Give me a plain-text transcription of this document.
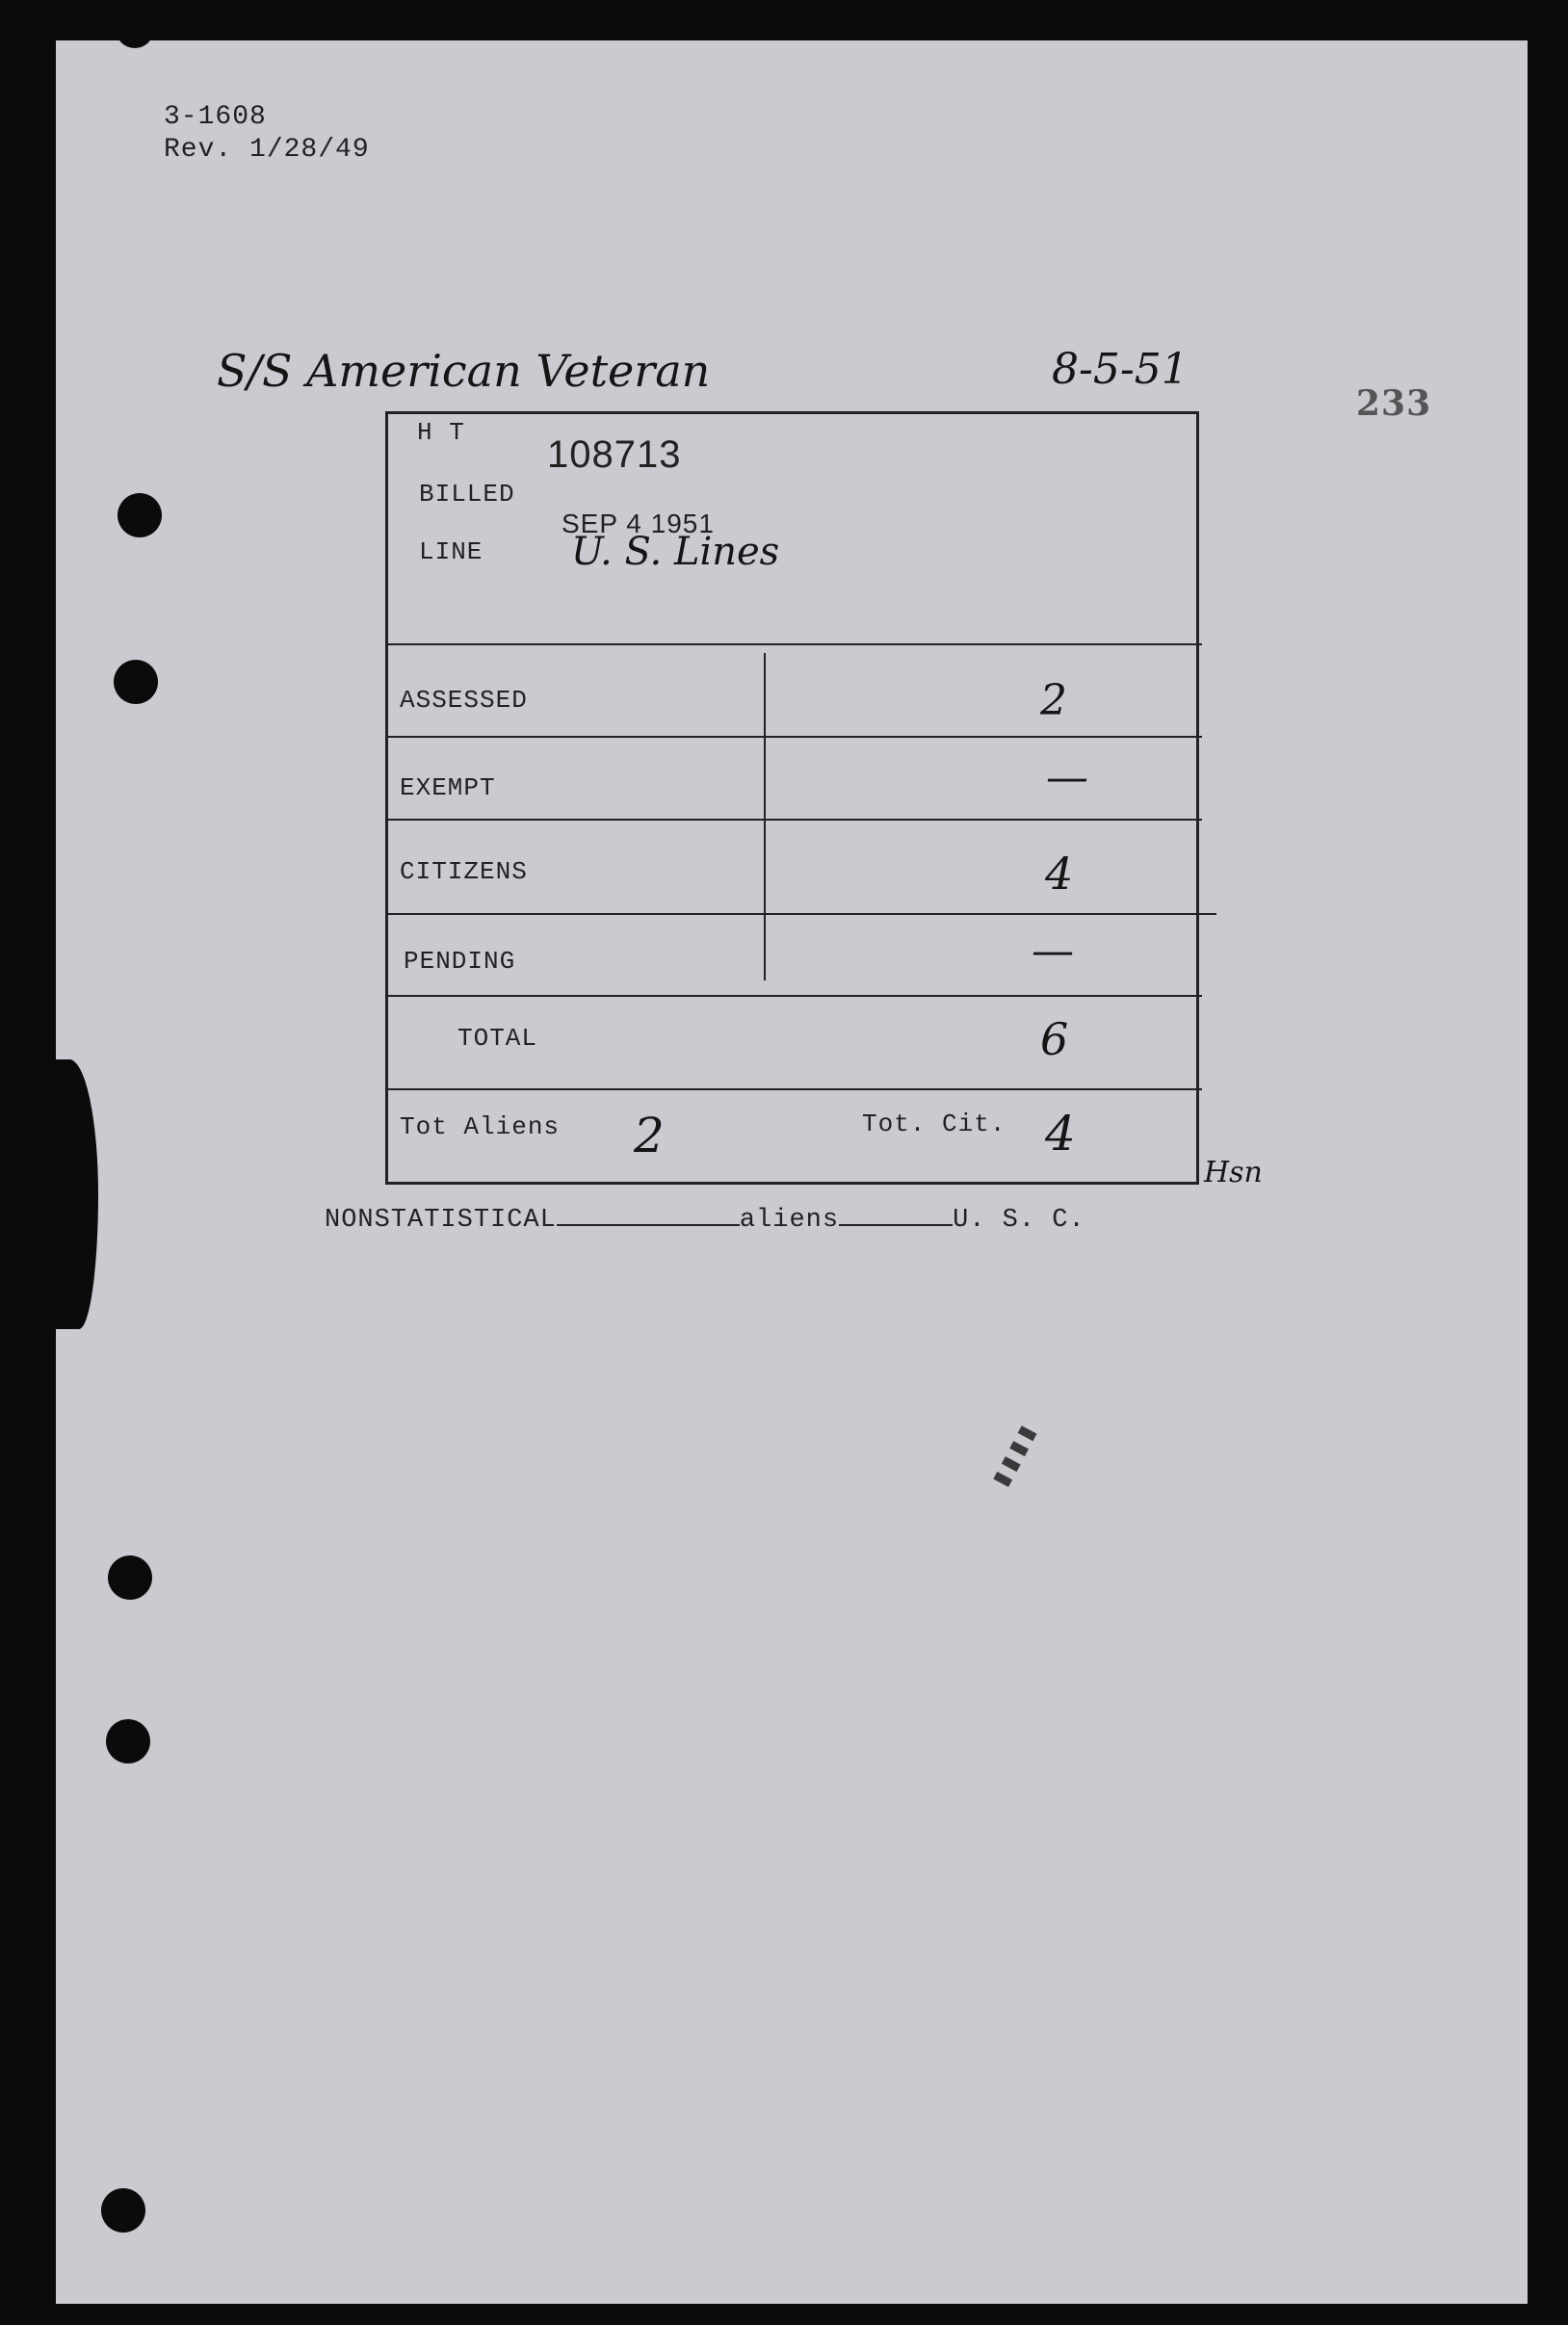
3-1608
Rev. 1/28/49
233
S/S American Veteran	8-5-51
H T
108713
BILLED
SEP 4 1951
LINE U. S. Lines
ASSESSED	2
EXEMPT	—
CITIZENS	4
PENDING	—
TOTAL	6
Tot Aliens 2	Tot. Cit. 4
Hsn
NONSTATISTICAL	aliens	U. S. C.
▮▮▮▮
